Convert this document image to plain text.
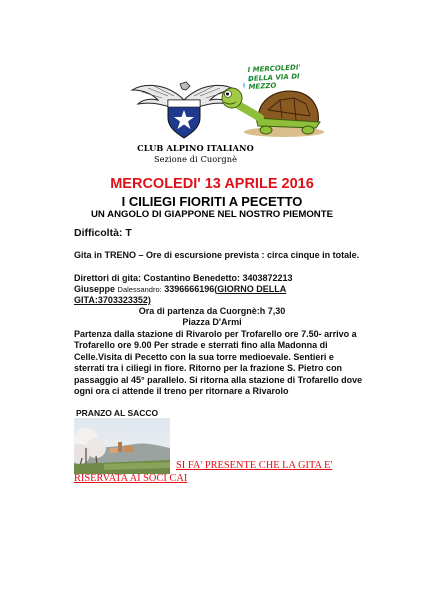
CLUB ALPINO ITALIANO
Sezione di Cuorgnè
I MERCOLEDI'
DELLA VIA DI
MEZZO
MERCOLEDI' 13 APRILE 2016
I CILIEGI FIORITI A PECETTO
UN ANGOLO DI GIAPPONE NEL NOSTRO PIEMONTE
Difficoltà: T
Gita in TRENO – Ore di escursione prevista : circa cinque in totale.
Direttori di gita: Costantino Benedetto: 3403872213
Giuseppe Dalessandro: 3396666196(GIORNO DELLA
GITA:3703323352)
Ora di partenza da Cuorgnè:h 7,30
Piazza D'Armi
Partenza dalla stazione di Rivarolo per Trofarello ore 7.50- arrivo a Trofarello ore 9.00 Per strade e sterrati fino alla Madonna di Celle.Visita di Pecetto con la sua torre medioevale. Sentieri e sterrati tra i ciliegi in fiore. Ritorno per la frazione S. Pietro con passaggio al 45° parallelo. Si ritorna alla stazione di Trofarello dove ogni ora ci attende il treno per ritornare a Rivarolo
PRANZO AL SACCO
SI FA' PRESENTE CHE LA GITA E'
RISERVATA AI SOCI CAI
